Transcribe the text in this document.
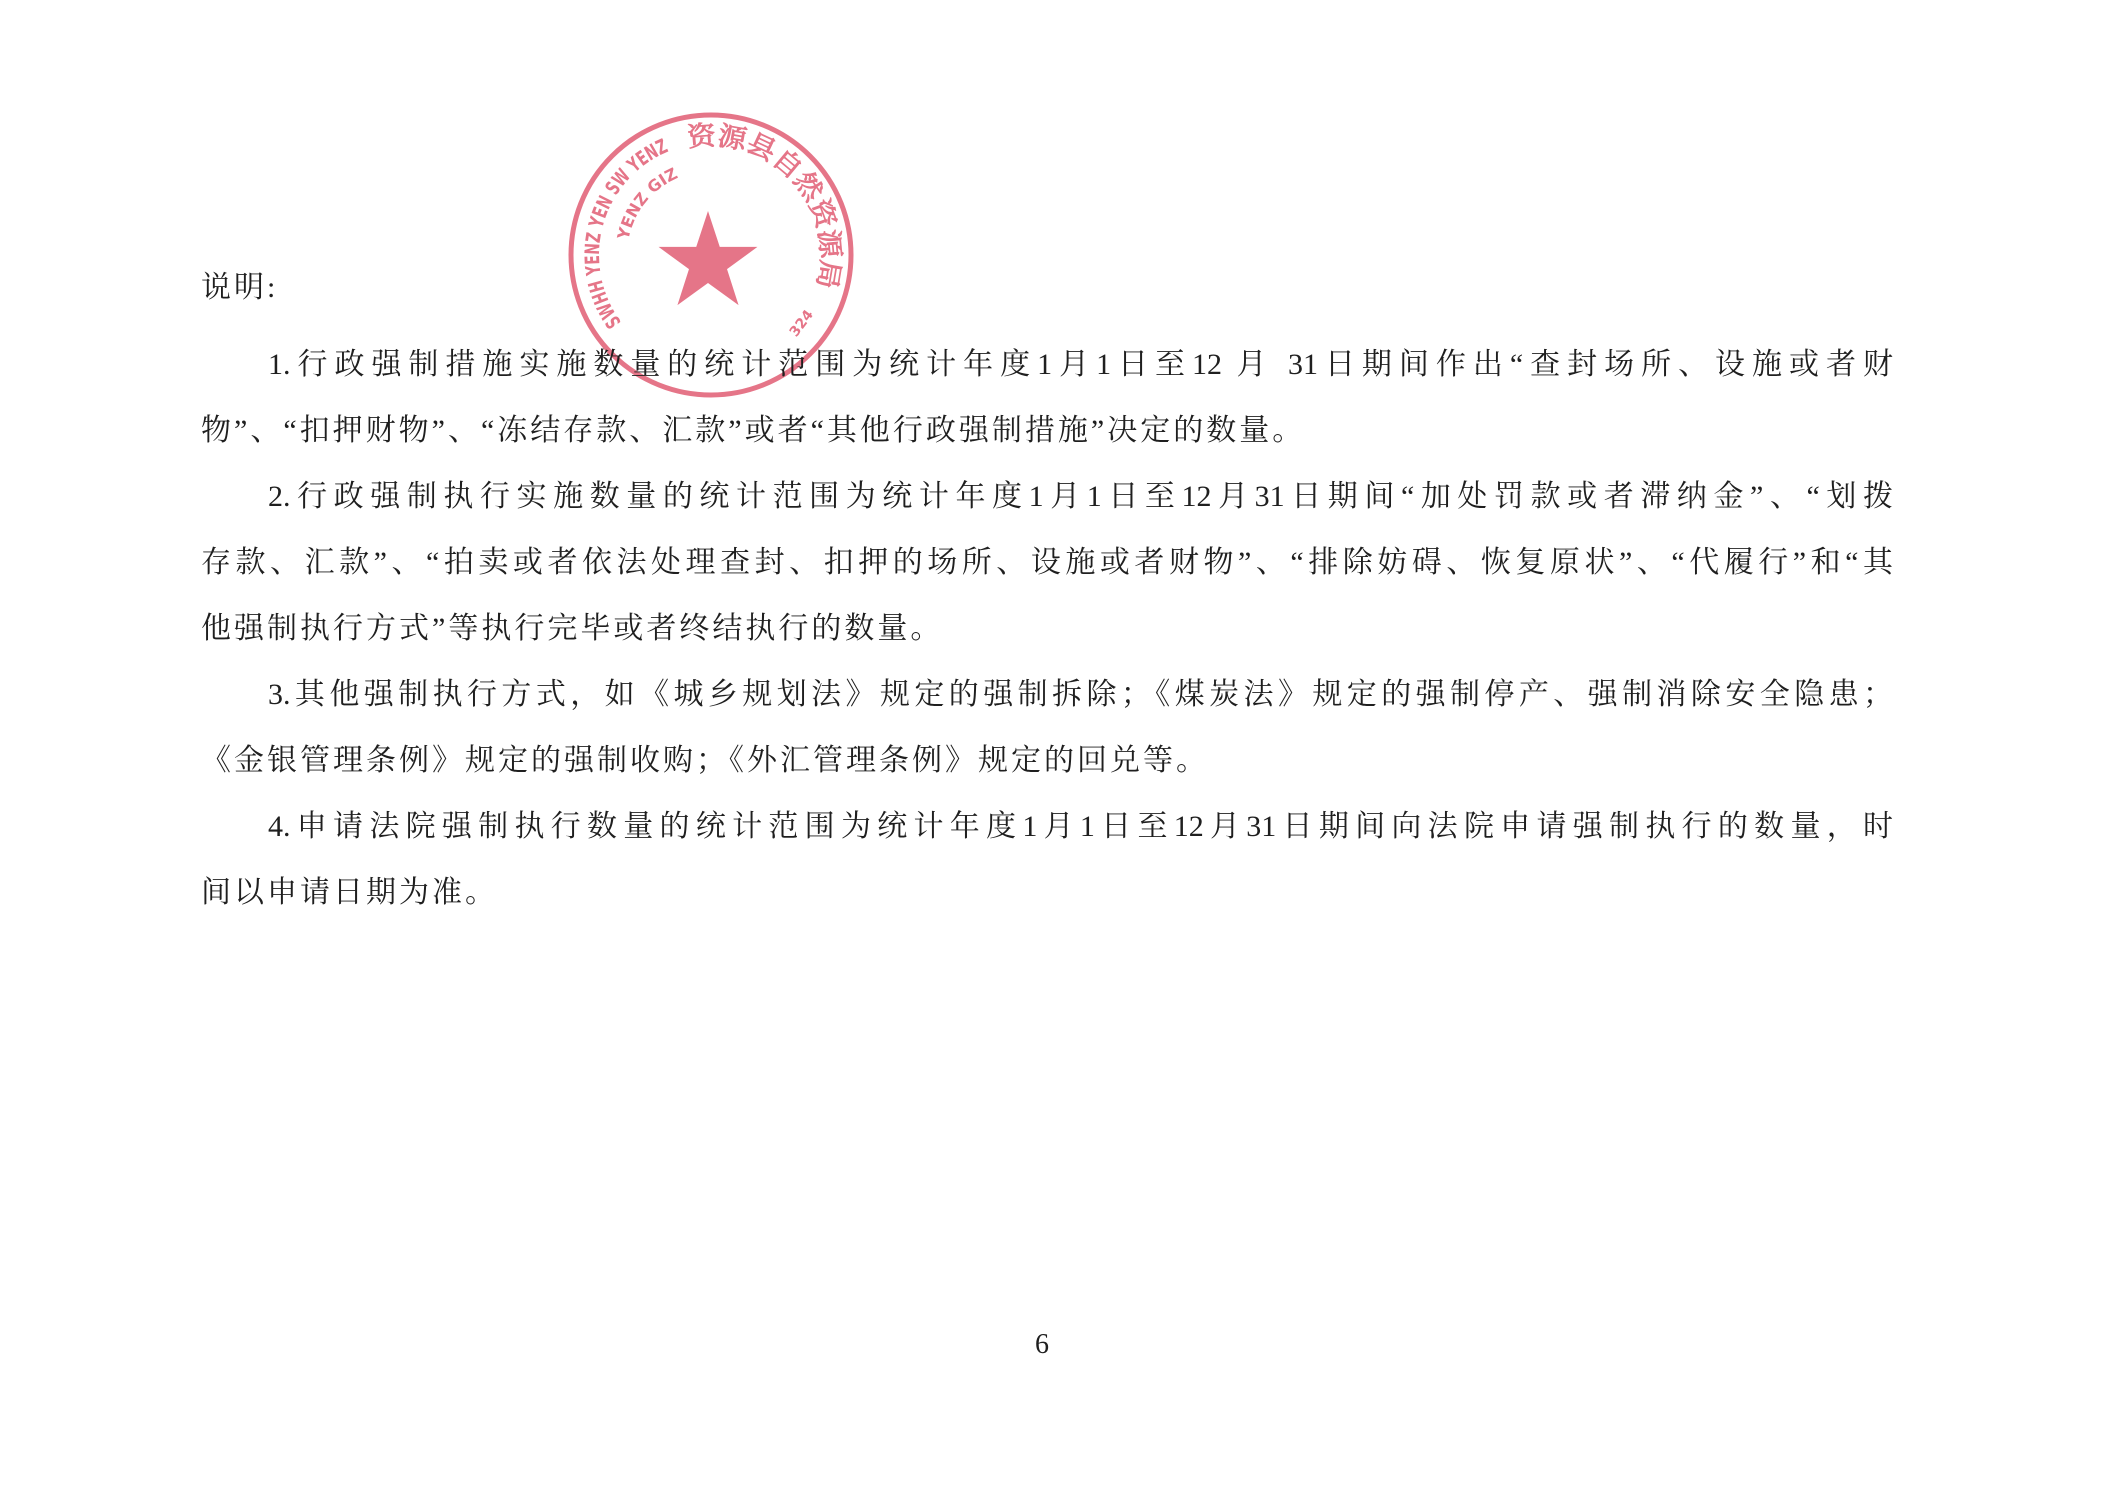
SWHH YENZ YEN SW YENZ 资源县自然资源局
YENZ GIZ
324
说明:
1.行政强制措施实施数量的统计范围为统计年度1月1日至12 月 31日期间作出“查封场所、设施或者财
物”、“扣押财物”、“冻结存款、汇款”或者“其他行政强制措施”决定的数量。
2.行政强制执行实施数量的统计范围为统计年度1月1日至12月31日期间“加处罚款或者滞纳金”、“划拨
存款、汇款”、“拍卖或者依法处理查封、扣押的场所、设施或者财物”、“排除妨碍、恢复原状”、“代履行”和“其
他强制执行方式”等执行完毕或者终结执行的数量。
3.其他强制执行方式，如《城乡规划法》规定的强制拆除；《煤炭法》规定的强制停产、强制消除安全隐患；
《金银管理条例》规定的强制收购；《外汇管理条例》规定的回兑等。
4.申请法院强制执行数量的统计范围为统计年度1月1日至12月31日期间向法院申请强制执行的数量，时
间以申请日期为准。
6
